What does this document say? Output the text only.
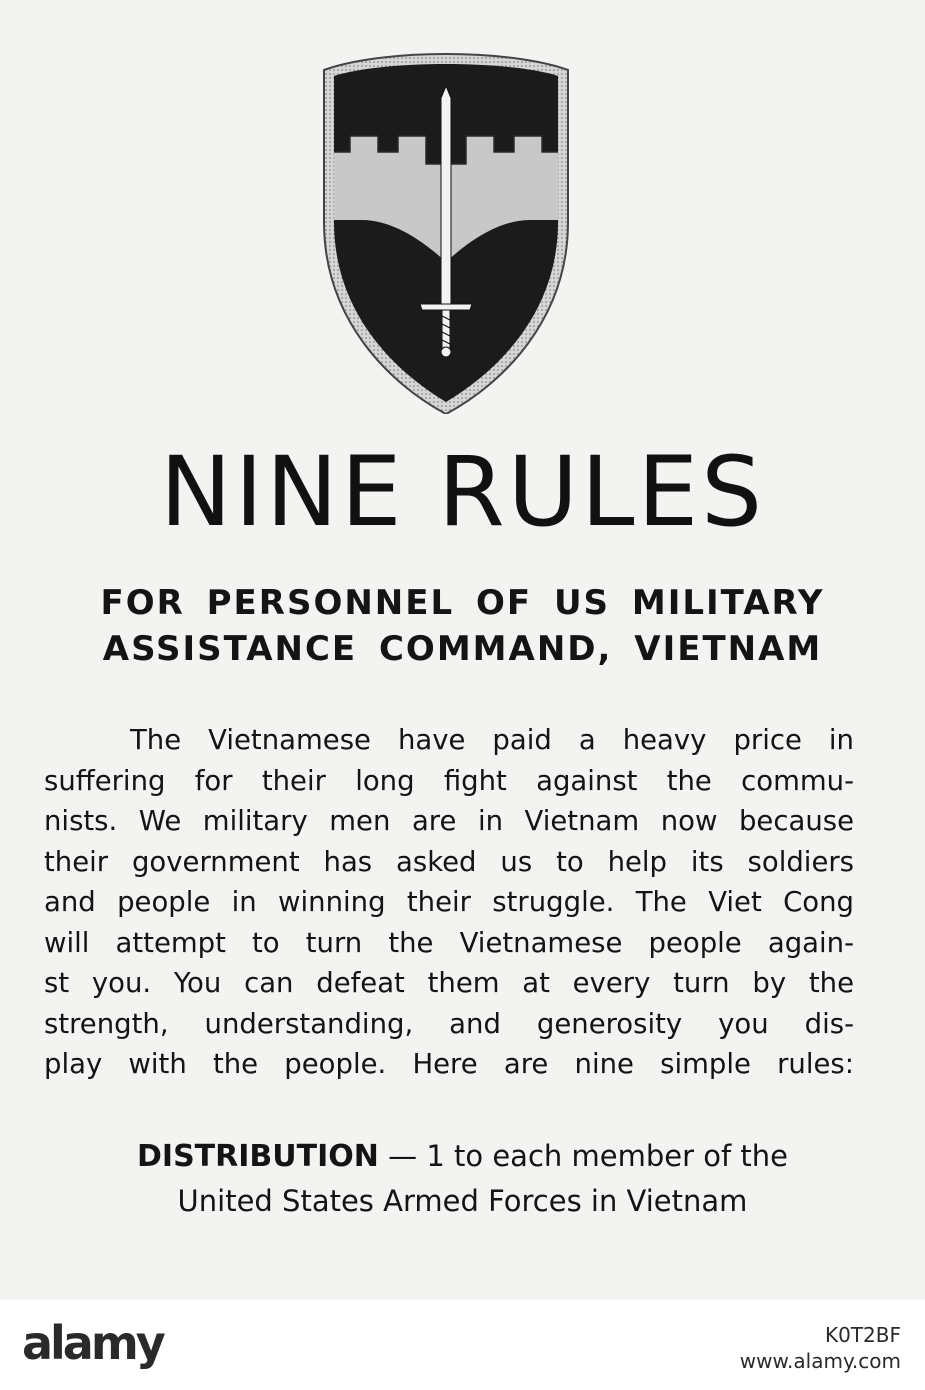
NINE RULES
FOR PERSONNEL OF US MILITARY
ASSISTANCE COMMAND, VIETNAM
The Vietnamese have paid a heavy price in
suffering for their long fight against the commu-
nists. We military men are in Vietnam now because
their government has asked us to help its soldiers
and people in winning their struggle. The Viet Cong
will attempt to turn the Vietnamese people again-
st you. You can defeat them at every turn by the
strength, understanding, and generosity you dis-
play with the people. Here are nine simple rules:
DISTRIBUTION — 1 to each member of the
United States Armed Forces in Vietnam
alamy	K0T2BF
www.alamy.com
